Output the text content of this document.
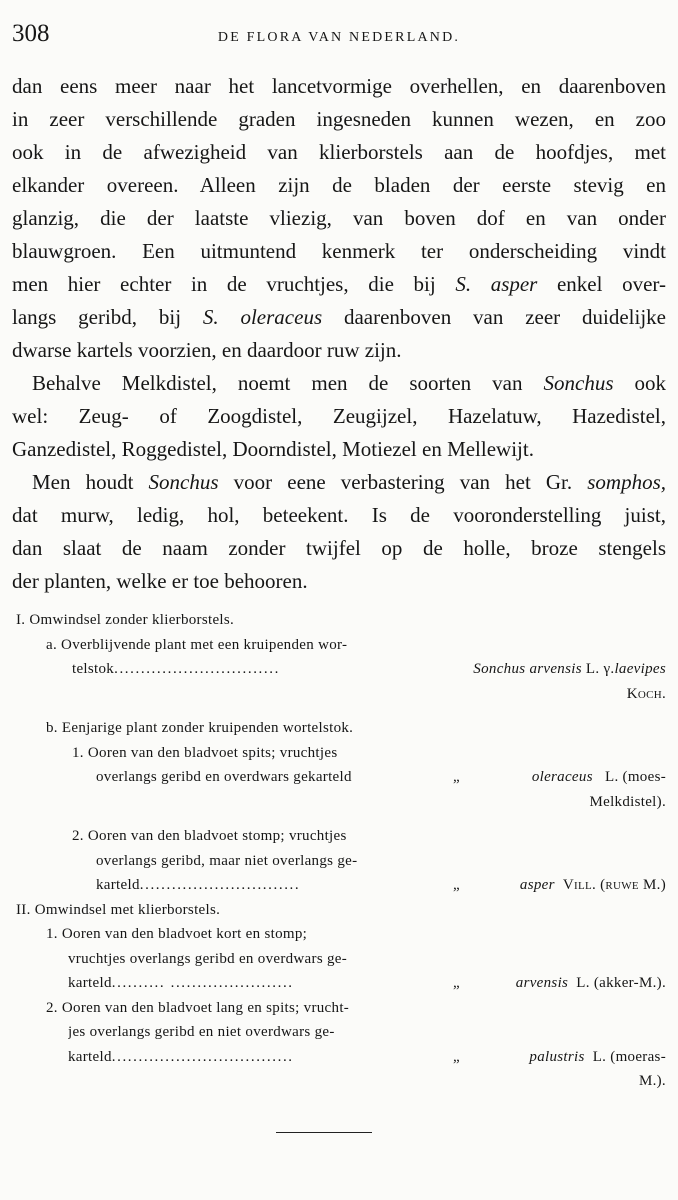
308	DE FLORA VAN NEDERLAND.
dan eens meer naar het lancetvormige overhellen, en daarenboven
in zeer verschillende graden ingesneden kunnen wezen, en zoo
ook in de afwezigheid van klierborstels aan de hoofdjes, met
elkander overeen. Alleen zijn de bladen der eerste stevig en
glanzig, die der laatste vliezig, van boven dof en van onder
blauwgroen. Een uitmuntend kenmerk ter onderscheiding vindt
men hier echter in de vruchtjes, die bij S. asper enkel over-
langs geribd, bij S. oleraceus daarenboven van zeer duidelijke
dwarse kartels voorzien, en daardoor ruw zijn.
Behalve Melkdistel, noemt men de soorten van Sonchus ook
wel: Zeug- of Zoogdistel, Zeugijzel, Hazelatuw, Hazedistel,
Ganzedistel, Roggedistel, Doorndistel, Motiezel en Mellewijt.
Men houdt Sonchus voor eene verbastering van het Gr. somphos,
dat murw, ledig, hol, beteekent. Is de vooronderstelling juist,
dan slaat de naam zonder twijfel op de holle, broze stengels
der planten, welke er toe behooren.
I. Omwindsel zonder klierborstels.
a. Overblijvende plant met een kruipenden wor-
telstok...............................	Sonchus arvensis L. γ.laevipes
Koch.
b. Eenjarige plant zonder kruipenden wortelstok.
1. Ooren van den bladvoet spits; vruchtjes
overlangs geribd en overdwars gekarteld	„	oleraceus L. (moes-
Melkdistel).
2. Ooren van den bladvoet stomp; vruchtjes
overlangs geribd, maar niet overlangs ge-
karteld..............................	„	asper Vill. (ruwe M.)
II. Omwindsel met klierborstels.
1. Ooren van den bladvoet kort en stomp;
vruchtjes overlangs geribd en overdwars ge-
karteld.......... .......................	„	arvensis L. (akker-M.).
2. Ooren van den bladvoet lang en spits; vrucht-
jes overlangs geribd en niet overdwars ge-
karteld..................................	„	palustris L. (moeras-
M.).
